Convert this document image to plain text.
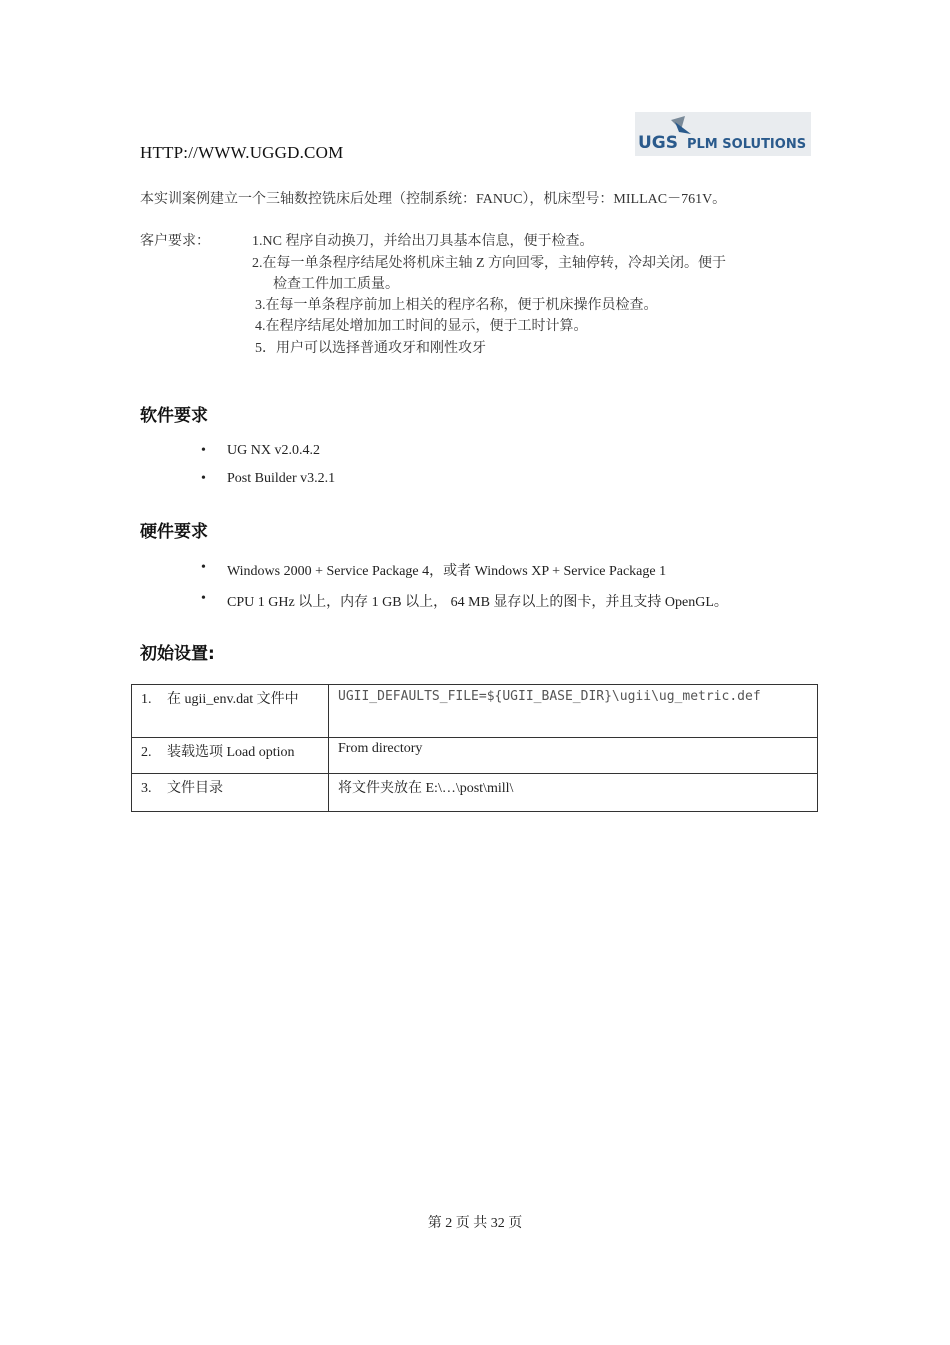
HTTP://WWW.UGGD.COM	UGS PLM SOLUTIONS
本实训案例建立一个三轴数控铣床后处理（控制系统：FANUC），机床型号：MILLAC－761V。
客户要求：	1.NC 程序自动换刀，并给出刀具基本信息，便于检查。
2.在每一单条程序结尾处将机床主轴 Z 方向回零，主轴停转，冷却关闭。便于
检查工件加工质量。
3.在每一单条程序前加上相关的程序名称，便于机床操作员检查。
4.在程序结尾处增加加工时间的显示，便于工时计算。
5．用户可以选择普通攻牙和刚性攻牙
软件要求
• UG NX v2.0.4.2
• Post Builder v3.2.1
硬件要求
• Windows 2000 + Service Package 4，或者 Windows XP + Service Package 1
• CPU 1 GHz 以上，内存 1 GB 以上， 64 MB 显存以上的图卡，并且支持 OpenGL。
初始设置:
1. 在 ugii_env.dat 文件中	UGII_DEFAULTS_FILE=${UGII_BASE_DIR}\ugii\ug_metric.def

2. 装载选项 Load option	From directory
3. 文件目录	将文件夹放在 E:\…\post\mill\
第 2 页 共 32 页
